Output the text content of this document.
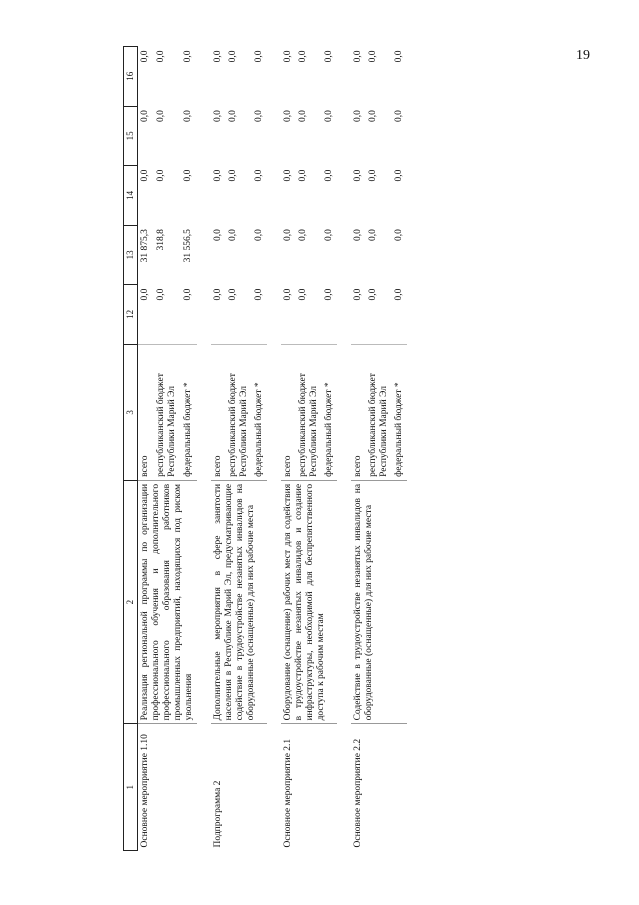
19
1	2	3	12	13	14	15	16
Основное мероприятие 1.10	Реализация региональной программы по организации профессионального обучения и дополнительного профессионального образования работников промышленных предприятий, находящихся под риском увольнения	всего	0,0	31 875,3	0,0	0,0	0,0
		республиканский бюджет Республики Марий Эл	0,0	318,8	0,0	0,0	0,0
		федеральный бюджет *	0,0	31 556,5	0,0	0,0	0,0

Подпрограмма 2	Дополнительные мероприятия в сфере занятости населения в Республике Марий Эл, предусматривающие содействие в трудоустройстве незанятых инвалидов на оборудованные (оснащенные) для них рабочие места	всего	0,0	0,0	0,0	0,0	0,0
		республиканский бюджет Республики Марий Эл	0,0	0,0	0,0	0,0	0,0
		федеральный бюджет *	0,0	0,0	0,0	0,0	0,0

Основное мероприятие 2.1	Оборудование (оснащение) рабочих мест для содействия в трудоустройстве незанятых инвалидов и создание инфраструктуры, необходимой для беспрепятственного доступа к рабочим местам	всего	0,0	0,0	0,0	0,0	0,0
		республиканский бюджет Республики Марий Эл	0,0	0,0	0,0	0,0	0,0
		федеральный бюджет *	0,0	0,0	0,0	0,0	0,0

Основное мероприятие 2.2	Содействие в трудоустройстве незанятых инвалидов на оборудованные (оснащенные) для них рабочие места	всего	0,0	0,0	0,0	0,0	0,0
		республиканский бюджет Республики Марий Эл	0,0	0,0	0,0	0,0	0,0
		федеральный бюджет *	0,0	0,0	0,0	0,0	0,0
